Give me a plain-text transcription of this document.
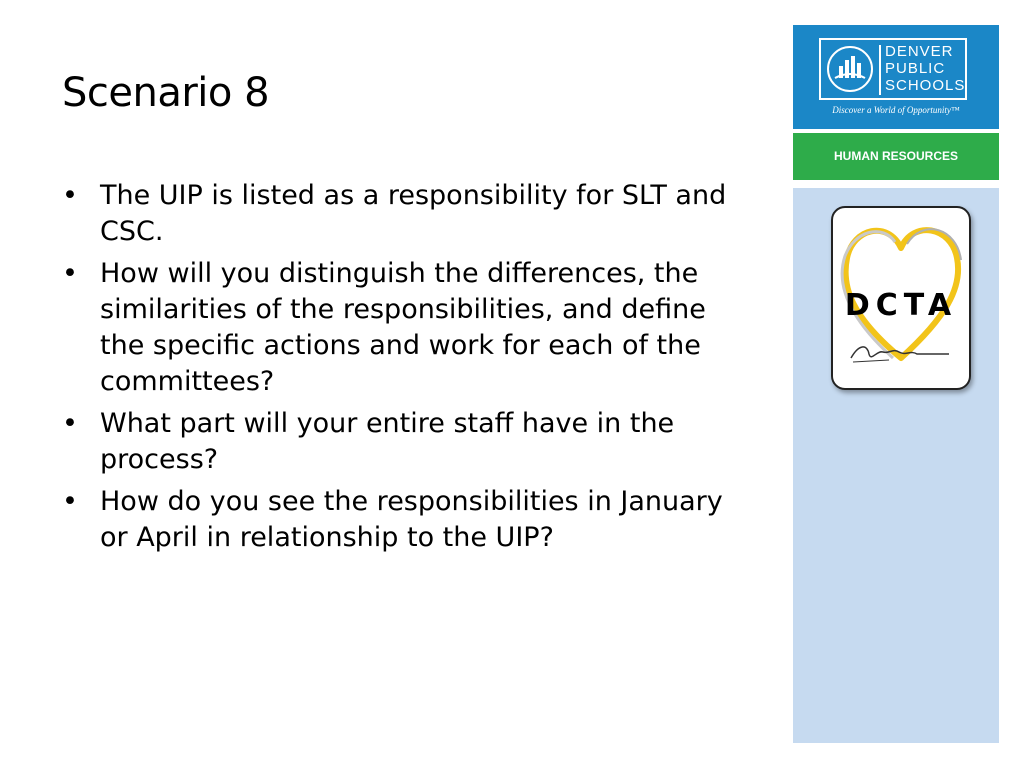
Scenario 8
• The UIP is listed as a responsibility for SLT and CSC.
• How will you distinguish the differences, the similarities of the responsibilities, and define the specific actions and work for each of the committees?
• What part will your entire staff have in the process?
• How do you see the responsibilities in January or April in relationship to the UIP?
DENVER
PUBLIC
SCHOOLS
Discover a World of Opportunity™
HUMAN RESOURCES
DCTA
